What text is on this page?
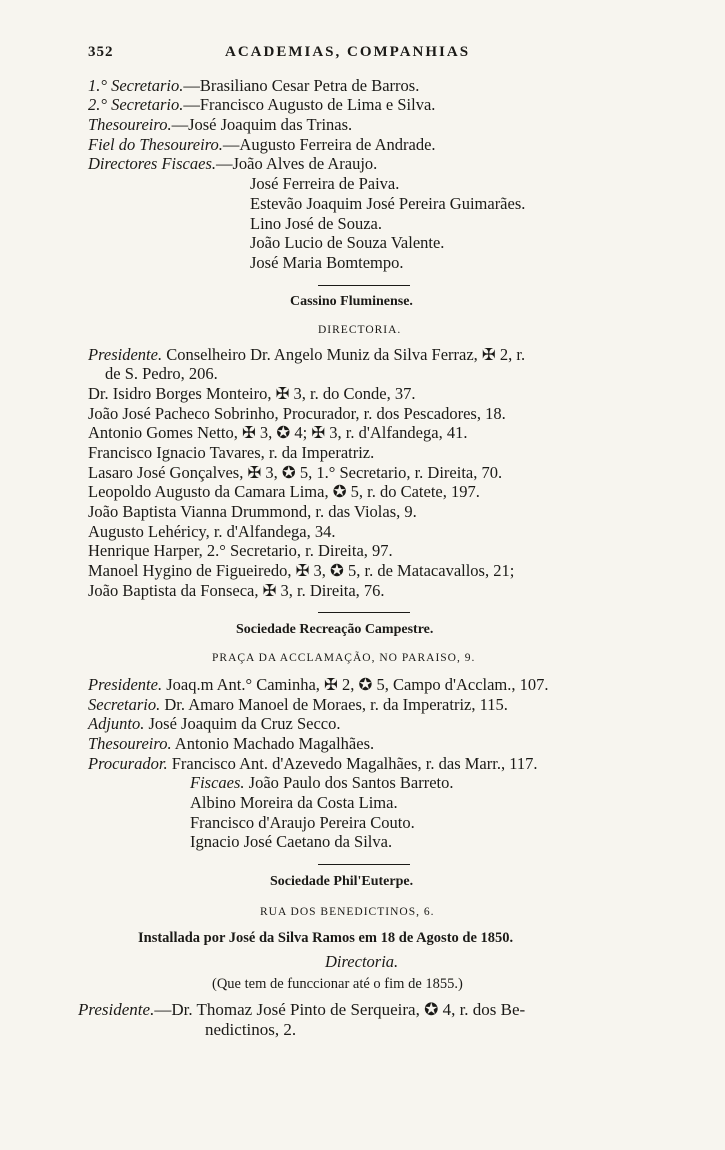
352	ACADEMIAS, COMPANHIAS
1.° Secretario.—Brasiliano Cesar Petra de Barros.
2.° Secretario.—Francisco Augusto de Lima e Silva.
Thesoureiro.—José Joaquim das Trinas.
Fiel do Thesoureiro.—Augusto Ferreira de Andrade.
Directores Fiscaes.—João Alves de Araujo.
José Ferreira de Paiva.
Estevão Joaquim José Pereira Guimarães.
Lino José de Souza.
João Lucio de Souza Valente.
José Maria Bomtempo.
Cassino Fluminense.
DIRECTORIA.
Presidente. Conselheiro Dr. Angelo Muniz da Silva Ferraz, ✠ 2, r.
de S. Pedro, 206.
Dr. Isidro Borges Monteiro, ✠ 3, r. do Conde, 37.
João José Pacheco Sobrinho, Procurador, r. dos Pescadores, 18.
Antonio Gomes Netto, ✠ 3, ✪ 4; ✠ 3, r. d'Alfandega, 41.
Francisco Ignacio Tavares, r. da Imperatriz.
Lasaro José Gonçalves, ✠ 3, ✪ 5, 1.° Secretario, r. Direita, 70.
Leopoldo Augusto da Camara Lima, ✪ 5, r. do Catete, 197.
João Baptista Vianna Drummond, r. das Violas, 9.
Augusto Lehéricy, r. d'Alfandega, 34.
Henrique Harper, 2.° Secretario, r. Direita, 97.
Manoel Hygino de Figueiredo, ✠ 3, ✪ 5, r. de Matacavallos, 21;
João Baptista da Fonseca, ✠ 3, r. Direita, 76.
Sociedade Recreação Campestre.
PRAÇA DA ACCLAMAÇÃO, NO PARAISO, 9.
Presidente. Joaq.m Ant.° Caminha, ✠ 2, ✪ 5, Campo d'Acclam., 107.
Secretario. Dr. Amaro Manoel de Moraes, r. da Imperatriz, 115.
Adjunto. José Joaquim da Cruz Secco.
Thesoureiro. Antonio Machado Magalhães.
Procurador. Francisco Ant. d'Azevedo Magalhães, r. das Marr., 117.
Fiscaes. João Paulo dos Santos Barreto.
Albino Moreira da Costa Lima.
Francisco d'Araujo Pereira Couto.
Ignacio José Caetano da Silva.
Sociedade Phil'Euterpe.
RUA DOS BENEDICTINOS, 6.
Installada por José da Silva Ramos em 18 de Agosto de 1850.
Directoria.
(Que tem de funccionar até o fim de 1855.)
Presidente.—Dr. Thomaz José Pinto de Serqueira, ✪ 4, r. dos Be-
nedictinos, 2.
